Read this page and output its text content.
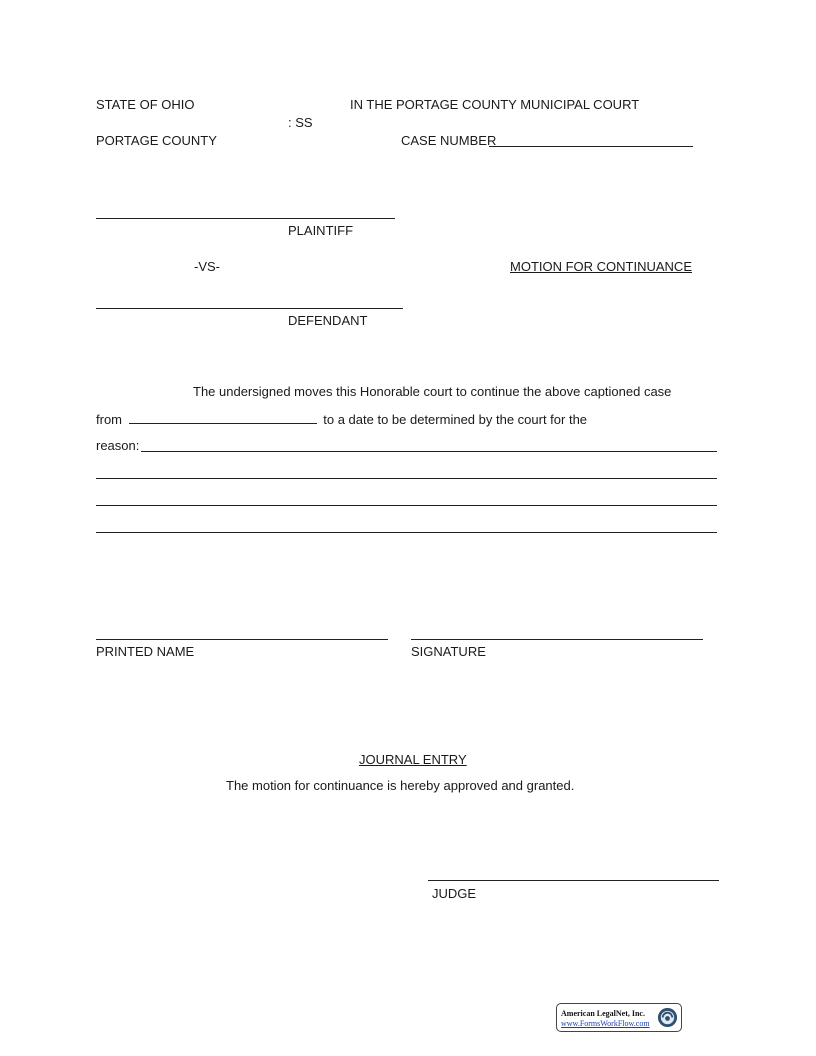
STATE OF OHIO	IN THE PORTAGE COUNTY MUNICIPAL COURT
: SS
PORTAGE COUNTY	CASE NUMBER
PLAINTIFF
-VS-	MOTION FOR CONTINUANCE
DEFENDANT
The undersigned moves this Honorable court to continue the above captioned case
from	to a date to be determined by the court for the
reason:
PRINTED NAME	SIGNATURE
JOURNAL ENTRY
The motion for continuance is hereby approved and granted.
JUDGE
American LegalNet, Inc.
www.FormsWorkFlow.com
